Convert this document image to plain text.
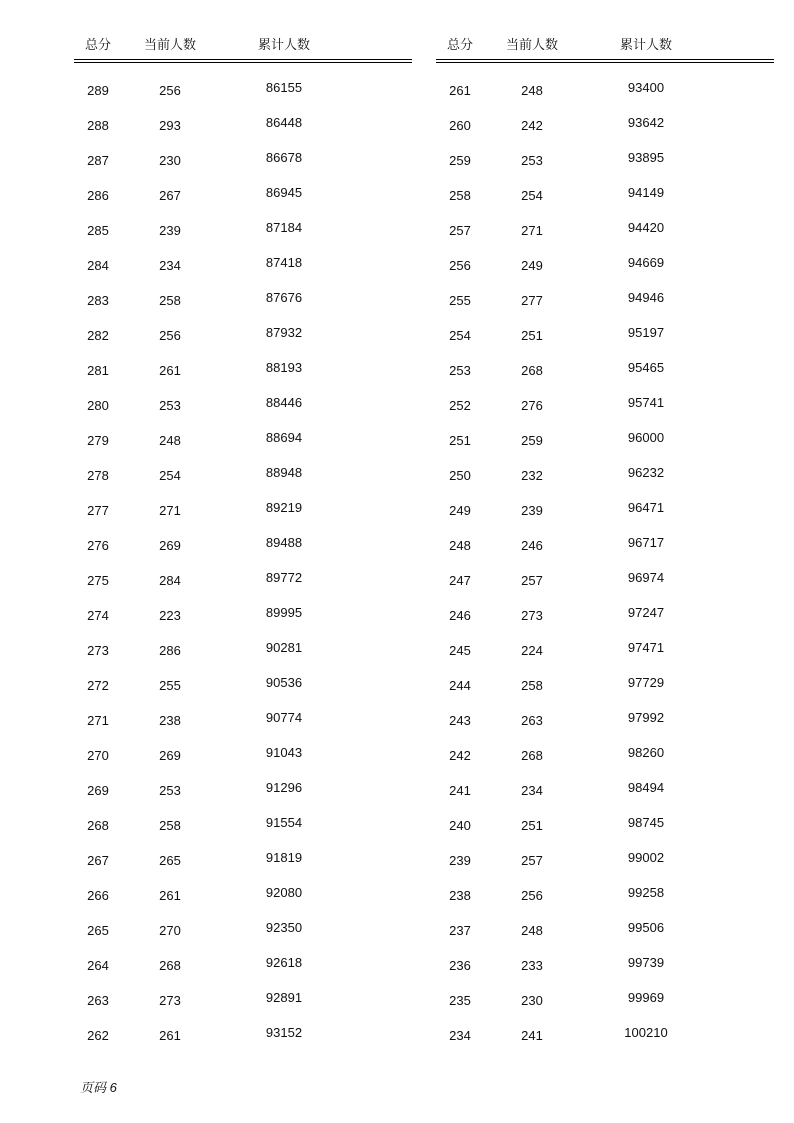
总分	当前人数	累计人数
289	256	86155
288	293	86448
287	230	86678
286	267	86945
285	239	87184
284	234	87418
283	258	87676
282	256	87932
281	261	88193
280	253	88446
279	248	88694
278	254	88948
277	271	89219
276	269	89488
275	284	89772
274	223	89995
273	286	90281
272	255	90536
271	238	90774
270	269	91043
269	253	91296
268	258	91554
267	265	91819
266	261	92080
265	270	92350
264	268	92618
263	273	92891
262	261	93152
总分	当前人数	累计人数
261	248	93400
260	242	93642
259	253	93895
258	254	94149
257	271	94420
256	249	94669
255	277	94946
254	251	95197
253	268	95465
252	276	95741
251	259	96000
250	232	96232
249	239	96471
248	246	96717
247	257	96974
246	273	97247
245	224	97471
244	258	97729
243	263	97992
242	268	98260
241	234	98494
240	251	98745
239	257	99002
238	256	99258
237	248	99506
236	233	99739
235	230	99969
234	241	100210
页码 6
